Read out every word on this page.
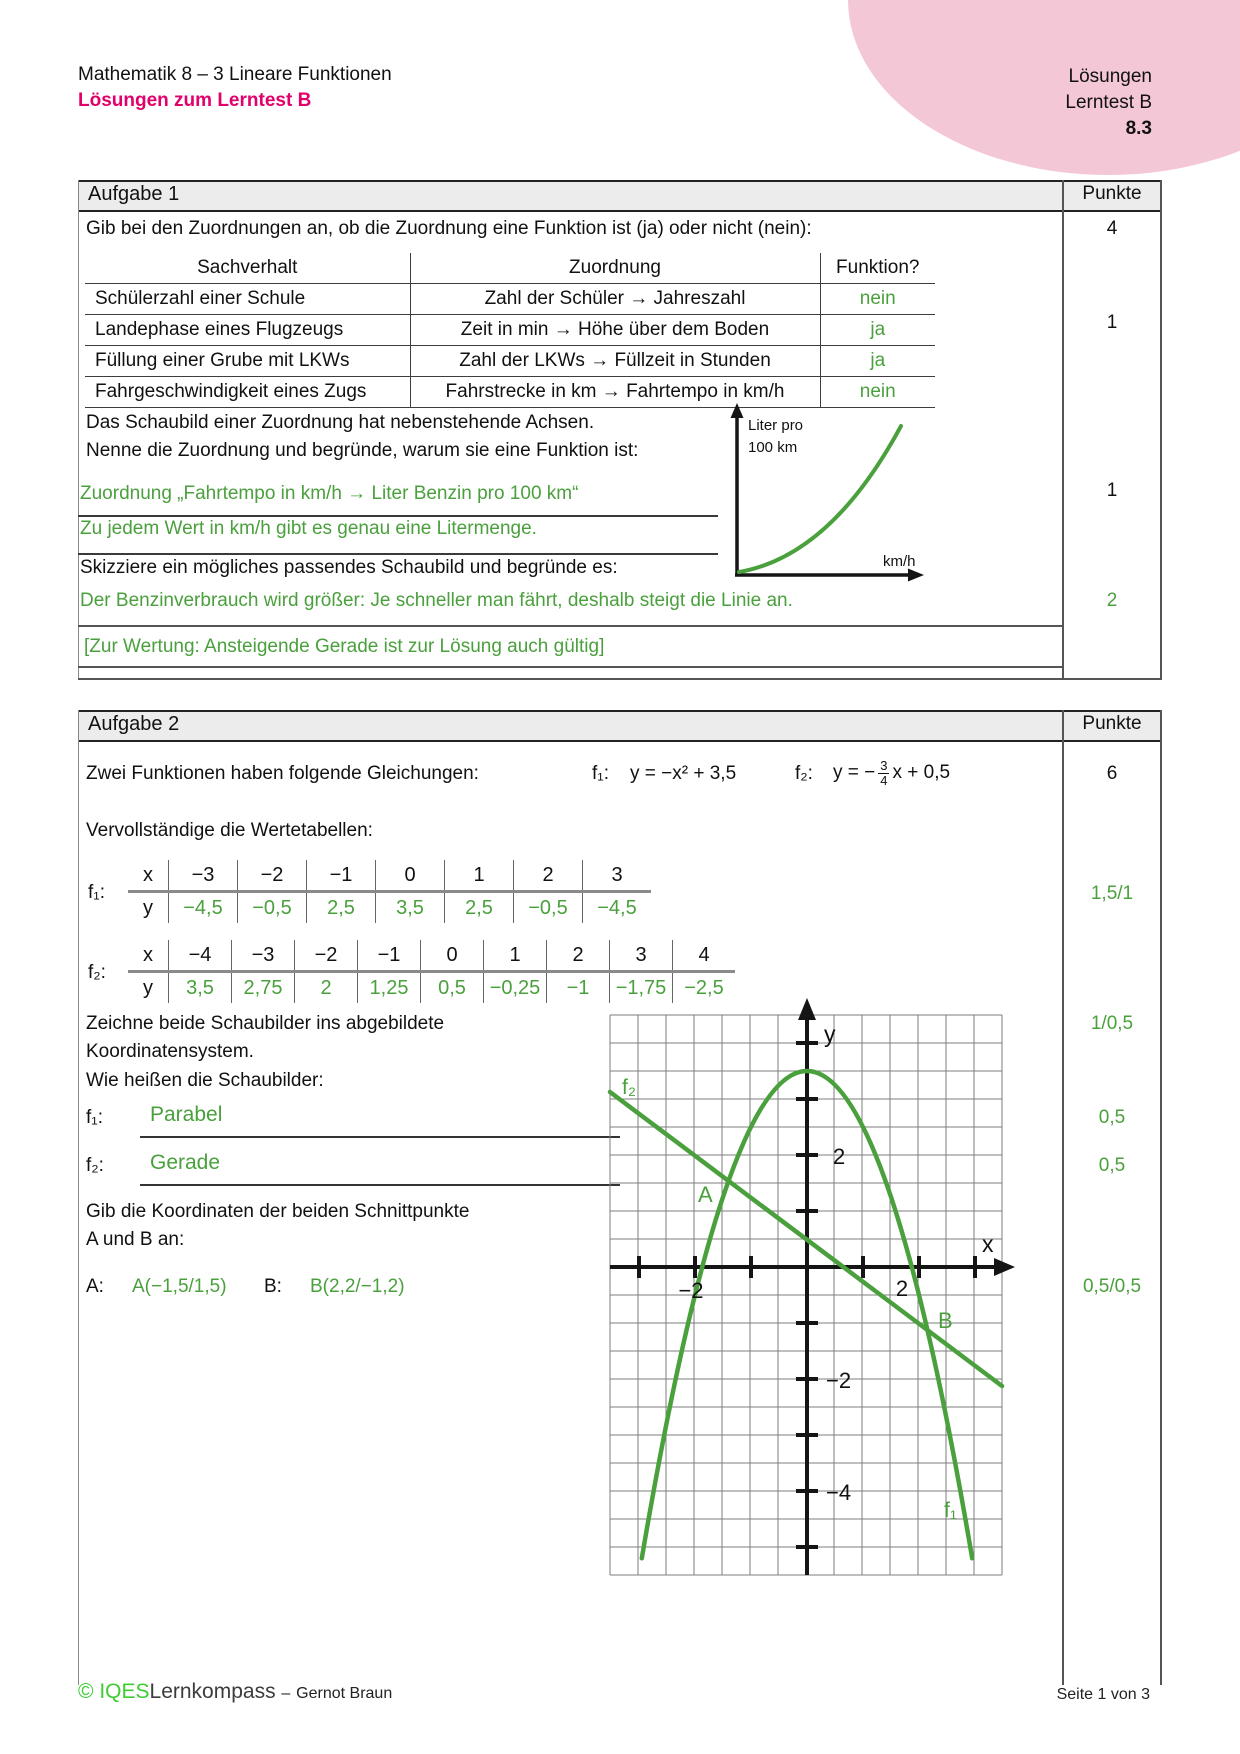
Mathematik 8 – 3 Lineare Funktionen
Lösungen zum Lerntest B
Lösungen
Lerntest B
8.3
Aufgabe 1	Punkte
Gib bei den Zuordnungen an, ob die Zuordnung eine Funktion ist (ja) oder nicht (nein):	4
Sachverhalt	Zuordnung	Funktion?
Schülerzahl einer Schule	Zahl der Schüler → Jahreszahl	nein
Landephase eines Flugzeugs	Zeit in min → Höhe über dem Boden	ja
Füllung einer Grube mit LKWs	Zahl der LKWs → Füllzeit in Stunden	ja
Fahrgeschwindigkeit eines Zugs	Fahrstrecke in km → Fahrtempo in km/h	nein
1
Das Schaubild einer Zuordnung hat nebenstehende Achsen.
Nenne die Zuordnung und begründe, warum sie eine Funktion ist:
Zuordnung „Fahrtempo in km/h → Liter Benzin pro 100 km“	1
Zu jedem Wert in km/h gibt es genau eine Litermenge.
Skizziere ein mögliches passendes Schaubild und begründe es:
Der Benzinverbrauch wird größer: Je schneller man fährt, deshalb steigt die Linie an.	2
[Zur Wertung: Ansteigende Gerade ist zur Lösung auch gültig]
Liter pro
100 km
km/h
Aufgabe 2	Punkte
Zwei Funktionen haben folgende Gleichungen:	f₁: y = −x² + 3,5	f₂: y = − $\frac{3}{4}$ x + 0,5	6
Vervollständige die Wertetabellen:
f₁:
x	−3	−2	−1	0	1	2	3
y	−4,5	−0,5	2,5	3,5	2,5	−0,5	−4,5
1,5/1
f₂:
x	−4	−3	−2	−1	0	1	2	3	4
y	3,5	2,75	2	1,25	0,5	−0,25	−1	−1,75	−2,5
Zeichne beide Schaubilder ins abgebildete
Koordinatensystem.
1/0,5
Wie heißen die Schaubilder:
f₁: Parabel	0,5
f₂: Gerade	0,5
Gib die Koordinaten der beiden Schnittpunkte
A und B an:
A: A(−1,5/1,5) B: B(2,2/−1,2)	0,5/0,5
y
x
2
−2
−4
−2	2
f₂
f₁
A
B
© IQESLernkompass – Gernot Braun	Seite 1 von 3
